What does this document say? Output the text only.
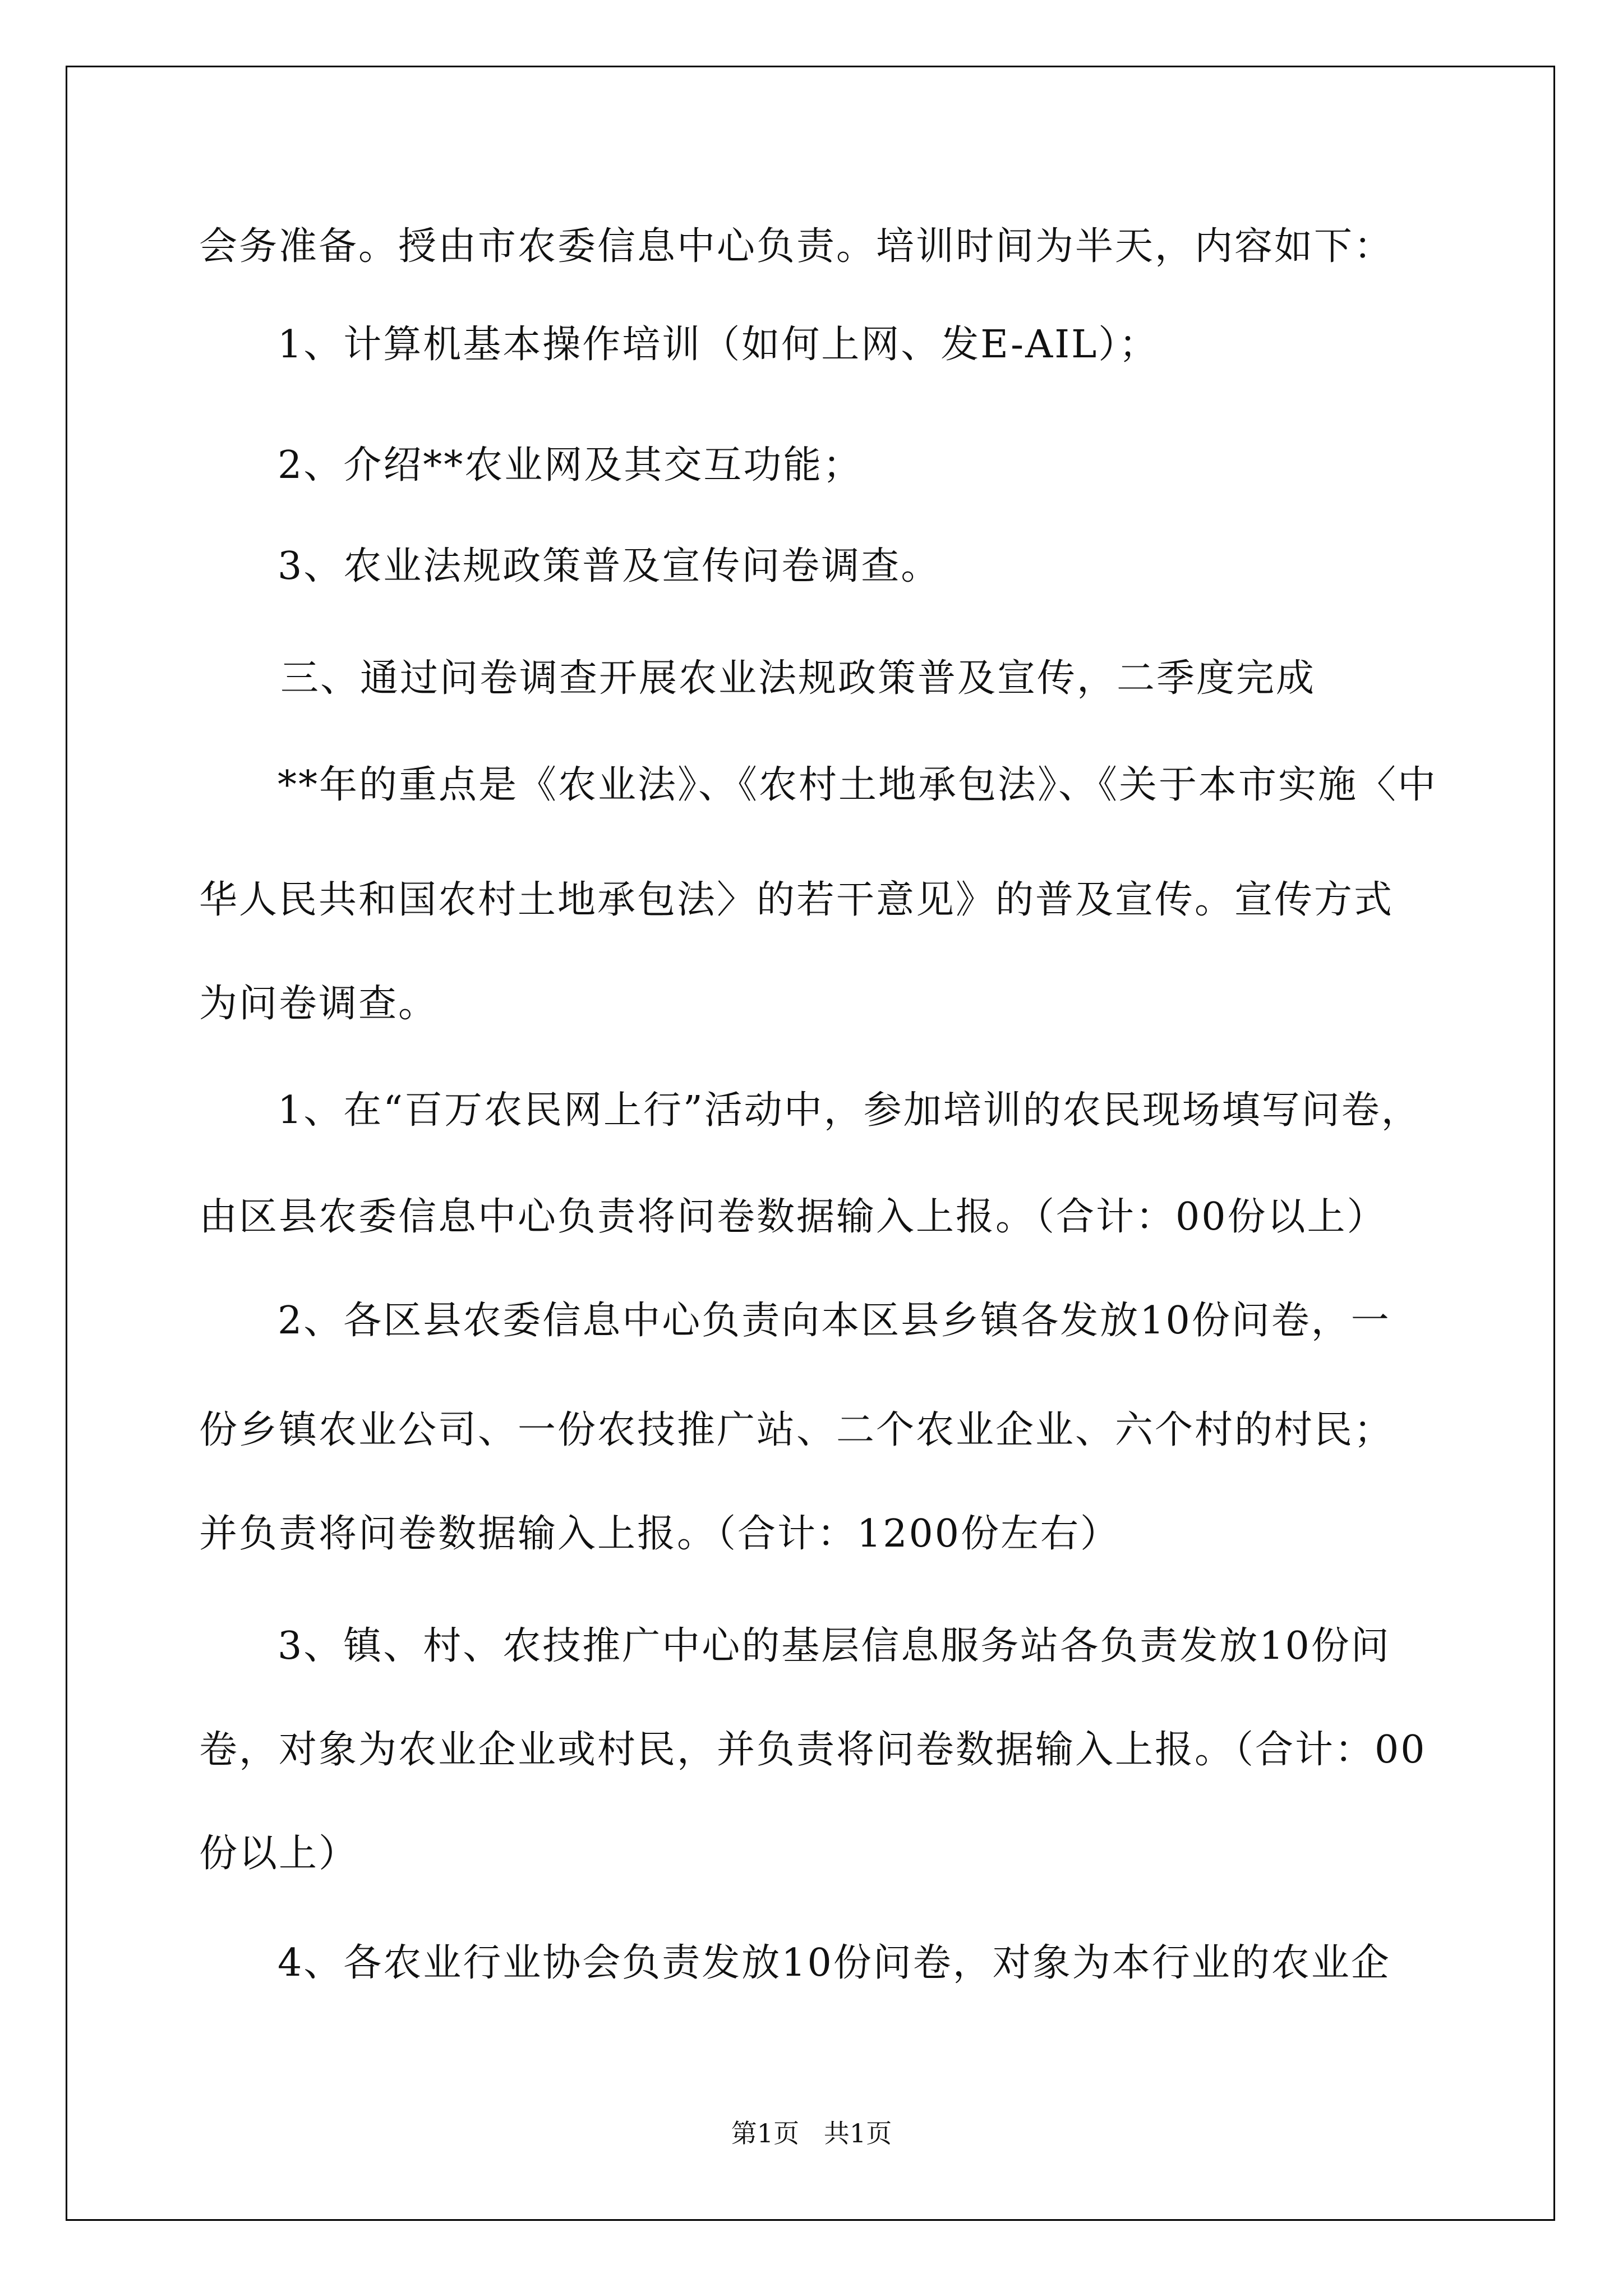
会务准备。授由市农委信息中心负责。培训时间为半天，内容如下：
1、计算机基本操作培训（如何上网、发E-AIL）；
2、介绍**农业网及其交互功能；
3、农业法规政策普及宣传问卷调查。
三、通过问卷调查开展农业法规政策普及宣传，二季度完成
**年的重点是《农业法》、《农村土地承包法》、《关于本市实施〈中
华人民共和国农村土地承包法〉的若干意见》的普及宣传。宣传方式
为问卷调查。
1、在“百万农民网上行”活动中，参加培训的农民现场填写问卷，
由区县农委信息中心负责将问卷数据输入上报。（合计：00份以上）
2、各区县农委信息中心负责向本区县乡镇各发放10份问卷，一
份乡镇农业公司、一份农技推广站、二个农业企业、六个村的村民；
并负责将问卷数据输入上报。（合计：1200份左右）
3、镇、村、农技推广中心的基层信息服务站各负责发放10份问
卷，对象为农业企业或村民，并负责将问卷数据输入上报。（合计：00
份以上）
4、各农业行业协会负责发放10份问卷，对象为本行业的农业企
第1页   共1页
